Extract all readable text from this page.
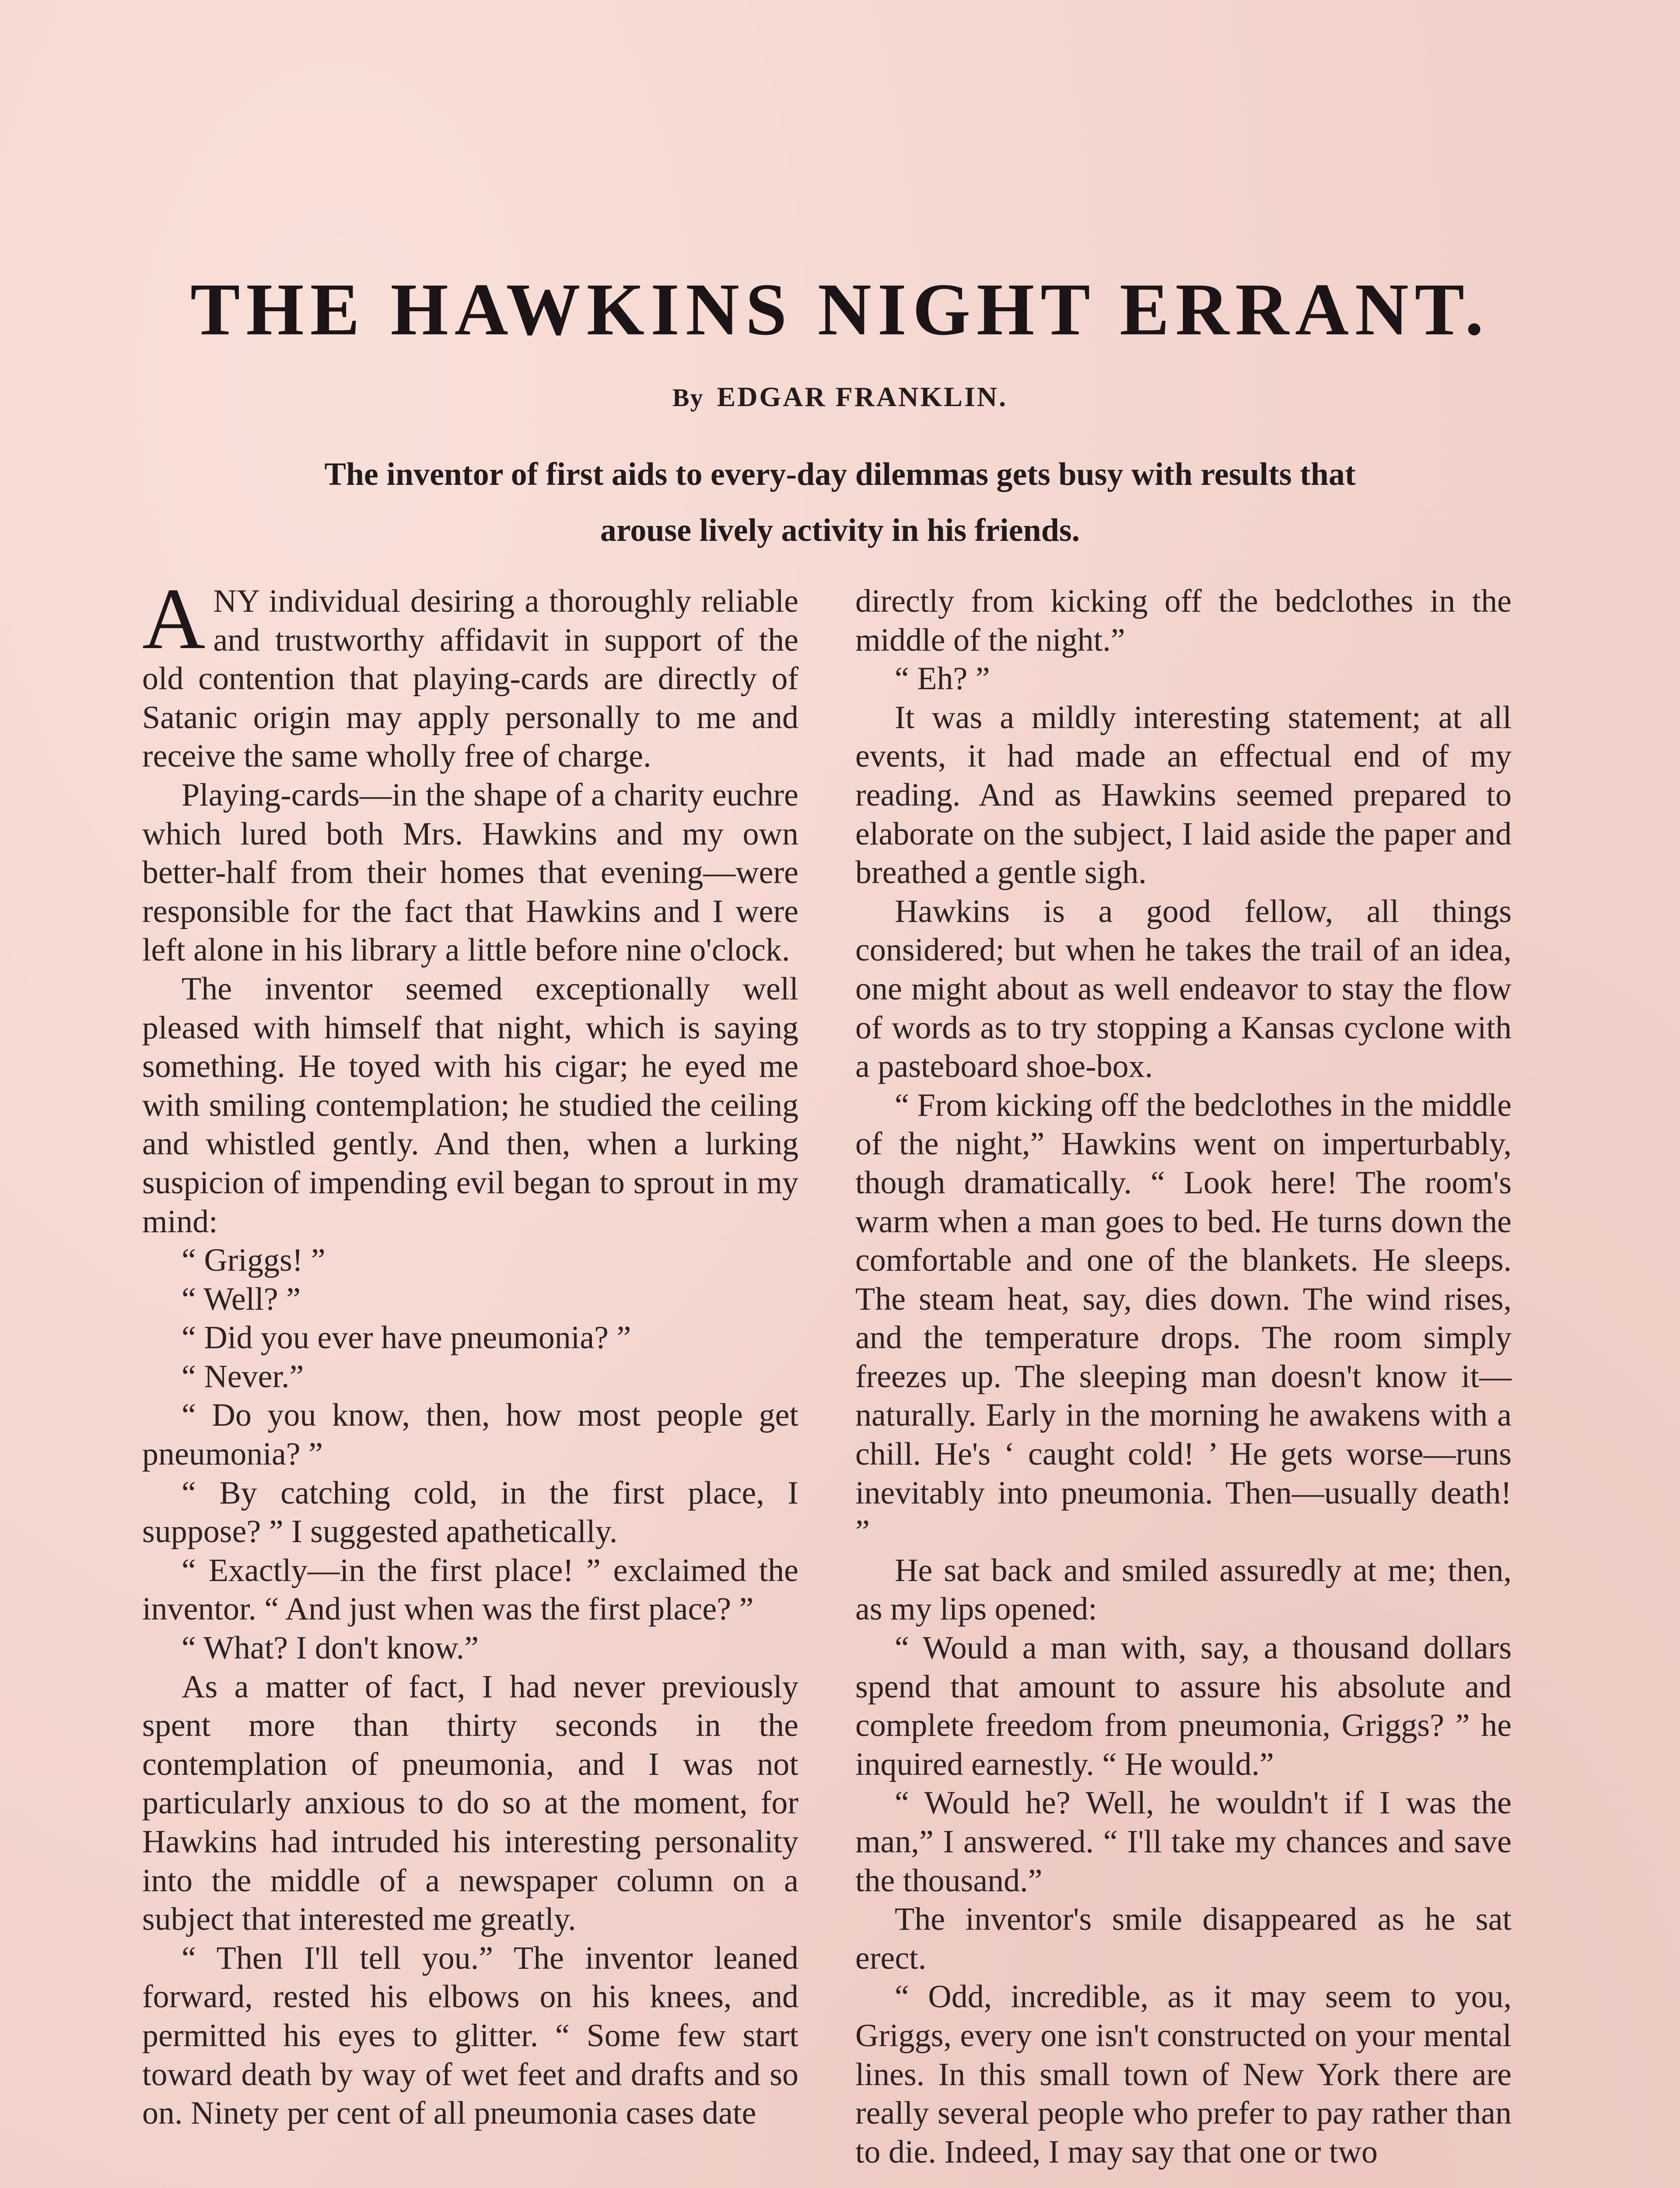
THE HAWKINS NIGHT ERRANT.
By EDGAR FRANKLIN.
The inventor of first aids to every-day dilemmas gets busy with results that arouse lively activity in his friends.

ANY individual desiring a thoroughly reliable and trustworthy affidavit in support of the old contention that playing-cards are directly of Satanic origin may apply personally to me and receive the same wholly free of charge.

Playing-cards—in the shape of a charity euchre which lured both Mrs. Hawkins and my own better-half from their homes that evening—were responsible for the fact that Hawkins and I were left alone in his library a little before nine o'clock.

The inventor seemed exceptionally well pleased with himself that night, which is saying something. He toyed with his cigar; he eyed me with smiling contemplation; he studied the ceiling and whistled gently. And then, when a lurking suspicion of impending evil began to sprout in my mind:

“ Griggs! ”

“ Well? ”

“ Did you ever have pneumonia? ”

“ Never.”

“ Do you know, then, how most people get pneumonia? ”

“ By catching cold, in the first place, I suppose? ” I suggested apathetically.

“ Exactly—in the first place! ” exclaimed the inventor. “ And just when was the first place? ”

“ What? I don't know.”

As a matter of fact, I had never previously spent more than thirty seconds in the contemplation of pneumonia, and I was not particularly anxious to do so at the moment, for Hawkins had intruded his interesting personality into the middle of a newspaper column on a subject that interested me greatly.

“ Then I'll tell you.” The inventor leaned forward, rested his elbows on his knees, and permitted his eyes to glitter. “ Some few start toward death by way of wet feet and drafts and so on. Ninety per cent of all pneumonia cases date

directly from kicking off the bedclothes in the middle of the night.”

“ Eh? ”

It was a mildly interesting statement; at all events, it had made an effectual end of my reading. And as Hawkins seemed prepared to elaborate on the subject, I laid aside the paper and breathed a gentle sigh.

Hawkins is a good fellow, all things considered; but when he takes the trail of an idea, one might about as well endeavor to stay the flow of words as to try stopping a Kansas cyclone with a pasteboard shoe-box.

“ From kicking off the bedclothes in the middle of the night,” Hawkins went on imperturbably, though dramatically. “ Look here! The room's warm when a man goes to bed. He turns down the comfortable and one of the blankets. He sleeps. The steam heat, say, dies down. The wind rises, and the temperature drops. The room simply freezes up. The sleeping man doesn't know it—naturally. Early in the morning he awakens with a chill. He's ‘ caught cold! ’ He gets worse—runs inevitably into pneumonia. Then—usually death! ”

He sat back and smiled assuredly at me; then, as my lips opened:

“ Would a man with, say, a thousand dollars spend that amount to assure his absolute and complete freedom from pneumonia, Griggs? ” he inquired earnestly. “ He would.”

“ Would he? Well, he wouldn't if I was the man,” I answered. “ I'll take my chances and save the thousand.”

The inventor's smile disappeared as he sat erect.

“ Odd, incredible, as it may seem to you, Griggs, every one isn't constructed on your mental lines. In this small town of New York there are really several people who prefer to pay rather than to die. Indeed, I may say that one or two
